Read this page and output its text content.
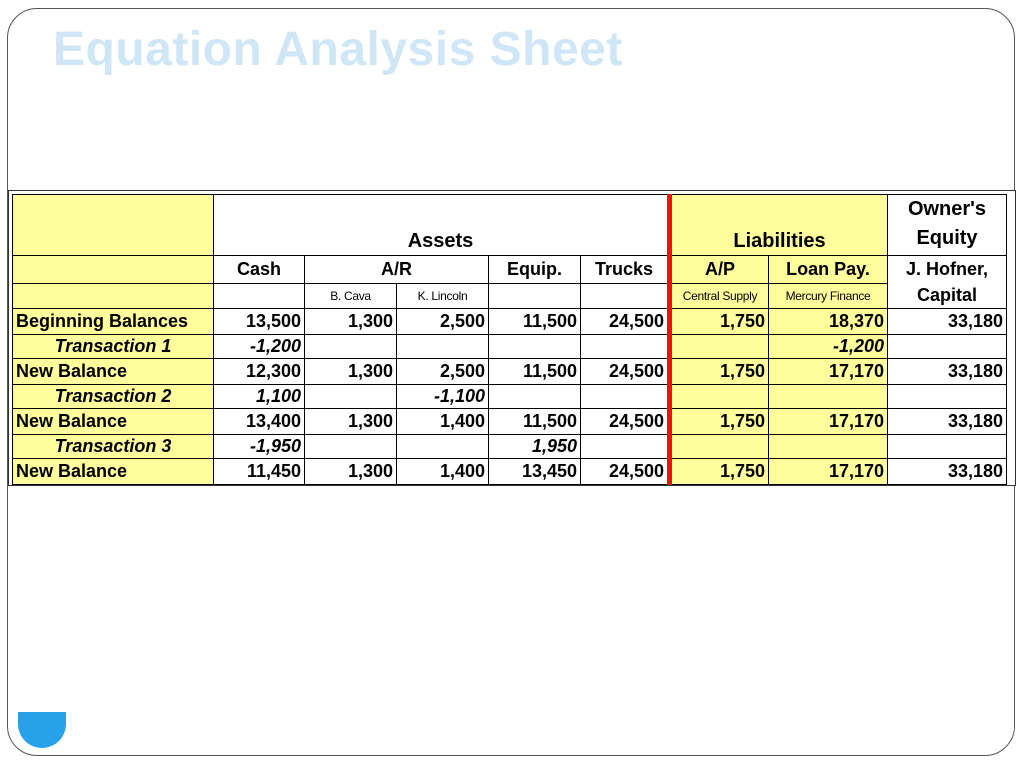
Equation Analysis Sheet
	Assets					Liabilities		Owner's
Equity
	Cash	A/R		Equip.	Trucks	A/P	Loan Pay.	J. Hofner, Capital
		B. Cava	K. Lincoln			Central Supply	Mercury Finance	
Beginning Balances	13,500	1,300	2,500	11,500	24,500	1,750	18,370	33,180
Transaction 1	-1,200						-1,200	
New Balance	12,300	1,300	2,500	11,500	24,500	1,750	17,170	33,180
Transaction 2	1,100		-1,100					
New Balance	13,400	1,300	1,400	11,500	24,500	1,750	17,170	33,180
Transaction 3	-1,950			1,950				
New Balance	11,450	1,300	1,400	13,450	24,500	1,750	17,170	33,180
